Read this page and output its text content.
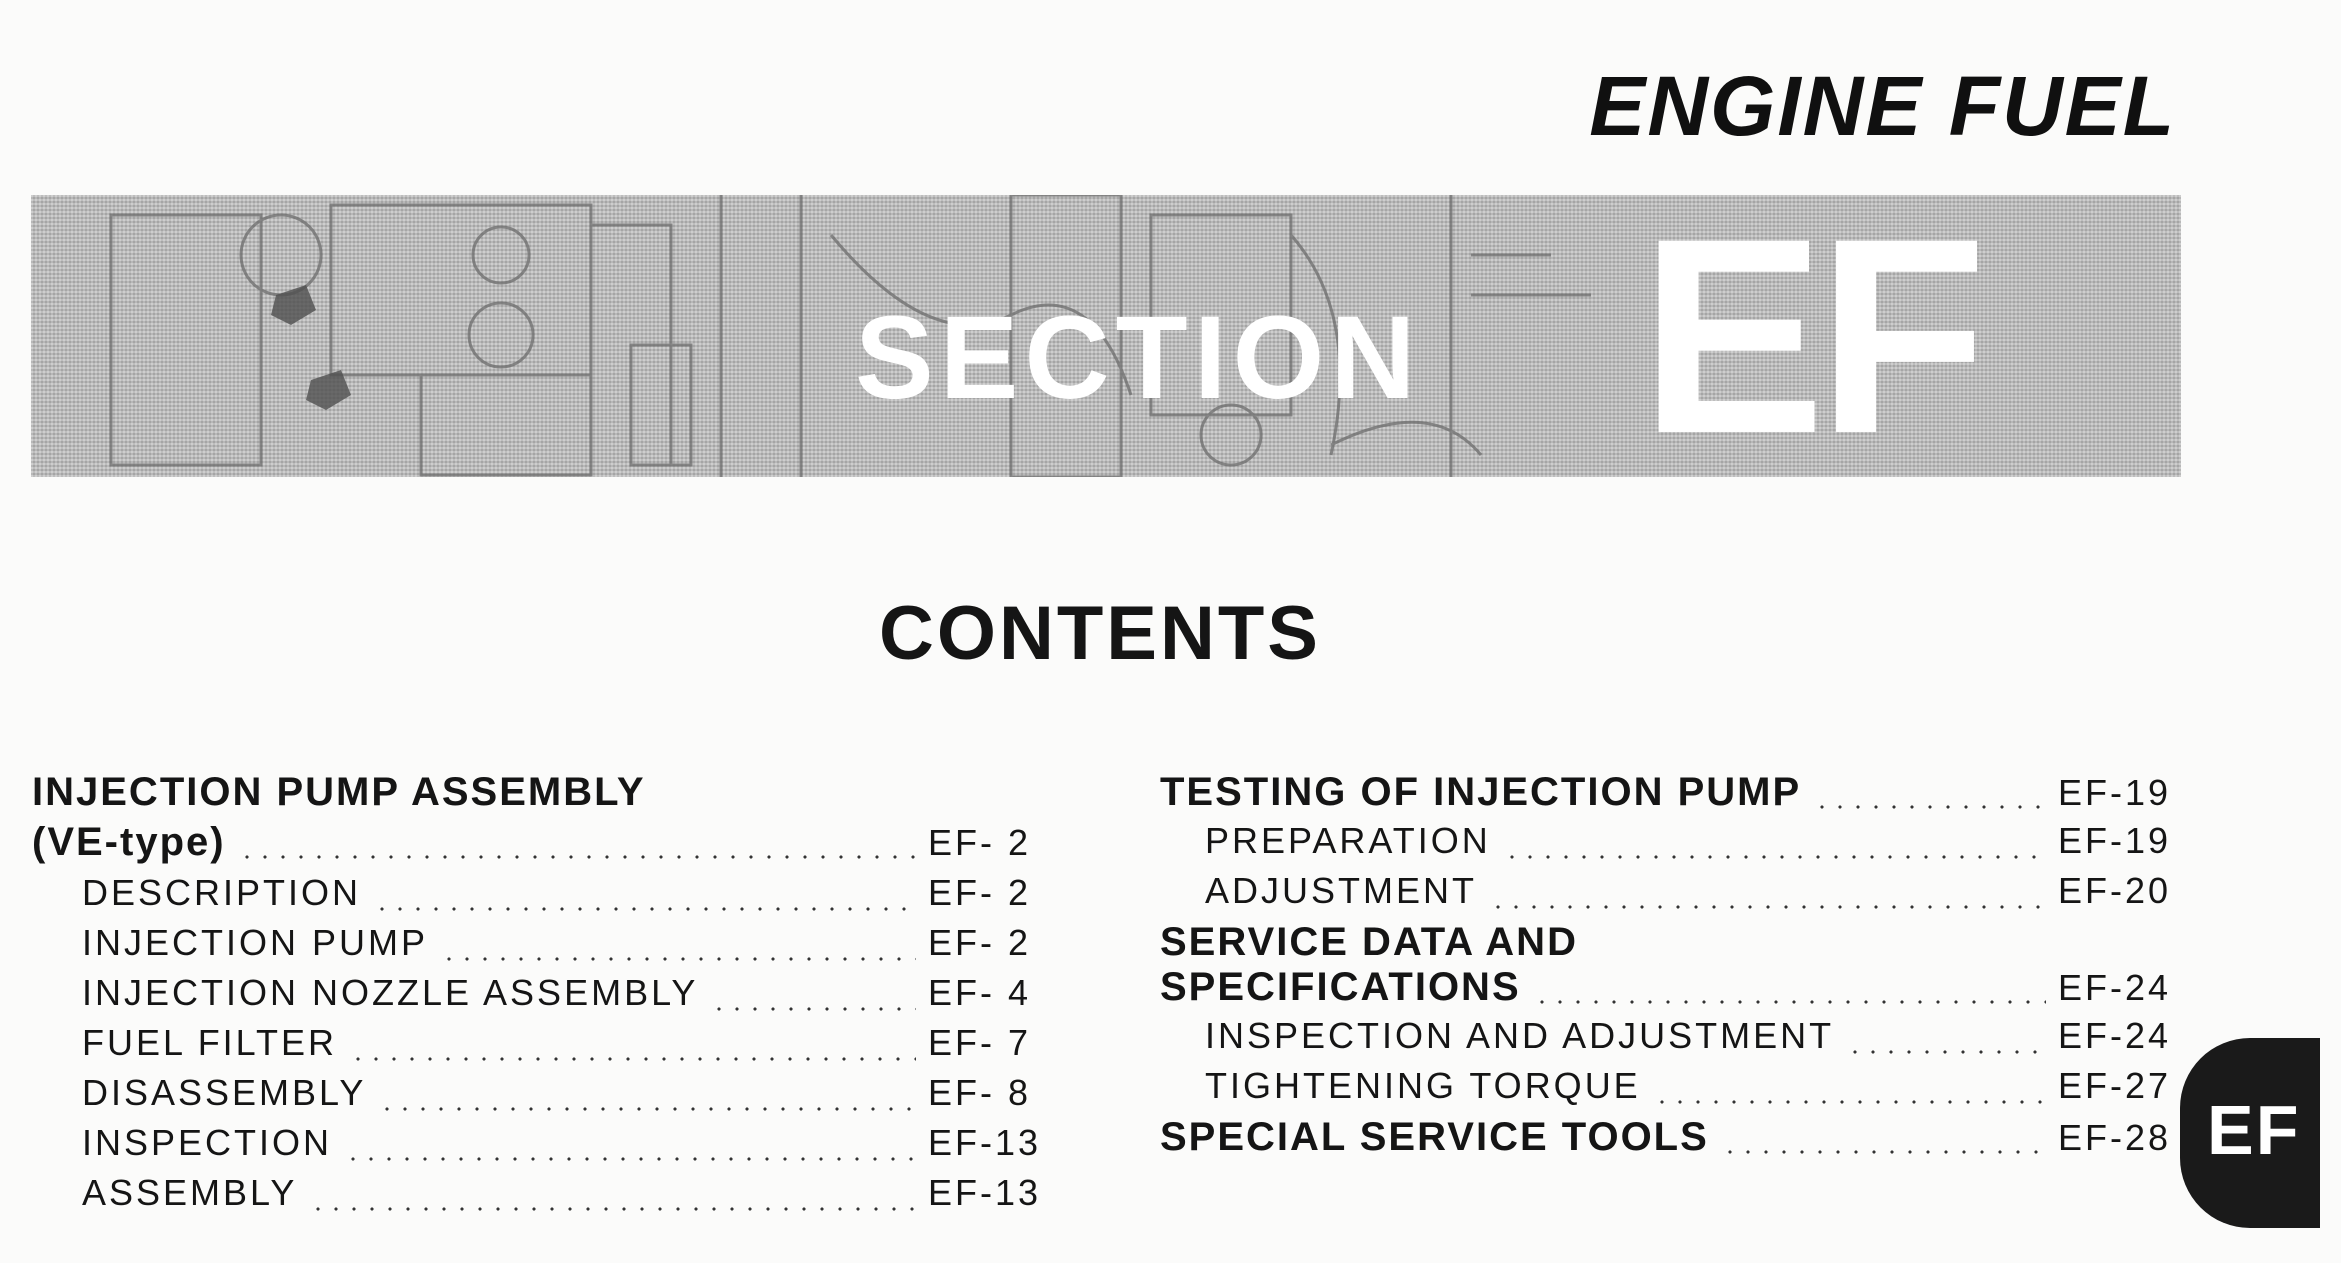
ENGINE FUEL
SECTION EF
CONTENTS
INJECTION PUMP ASSEMBLY
(VE-type)	EF- 2
DESCRIPTION	EF- 2
INJECTION PUMP	EF- 2
INJECTION NOZZLE ASSEMBLY	EF- 4
FUEL FILTER	EF- 7
DISASSEMBLY	EF- 8
INSPECTION	EF-13
ASSEMBLY	EF-13
TESTING OF INJECTION PUMP	EF-19
PREPARATION	EF-19
ADJUSTMENT	EF-20
SERVICE DATA AND
SPECIFICATIONS	EF-24
INSPECTION AND ADJUSTMENT	EF-24
TIGHTENING TORQUE	EF-27
SPECIAL SERVICE TOOLS	EF-28 EF
